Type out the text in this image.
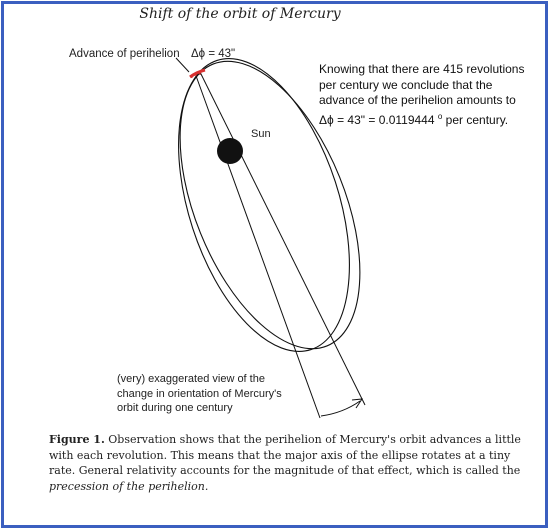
Shift of the orbit of Mercury
Advance of perihelion Δϕ = 43"
Sun
Knowing that there are 415 revolutions
per century we conclude that the
advance of the perihelion amounts to
Δϕ = 43" = 0.0119444 $^o$ per century.
(very) exaggerated view of the
change in orientation of Mercury's
orbit during one century
Figure 1. Observation shows that the perihelion of Mercury's orbit advances a little
with each revolution. This means that the major axis of the ellipse rotates at a tiny
rate. General relativity accounts for the magnitude of that effect, which is called the
precession of the perihelion.
